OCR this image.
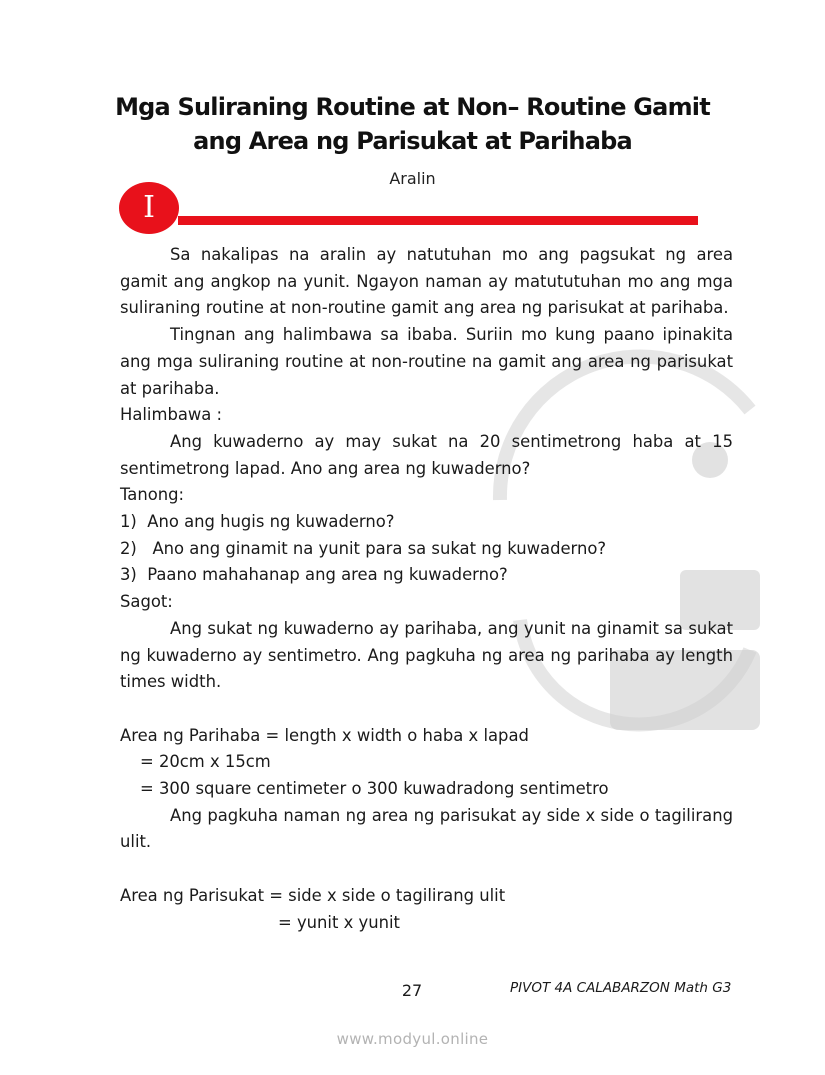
Mga Suliraning Routine at Non– Routine Gamit
ang Area ng Parisukat at Parihaba
Aralin
I

Sa nakalipas na aralin ay natutuhan mo ang pagsukat ng area gamit ang angkop na yunit. Ngayon naman ay matututuhan mo ang mga suliraning routine at non-routine gamit ang area ng parisukat at parihaba.

Tingnan ang halimbawa sa ibaba. Suriin mo kung paano ipinakita ang mga suliraning routine at non-routine na gamit ang area ng parisukat at parihaba.

Halimbawa :

Ang kuwaderno ay may sukat na 20 sentimetrong haba at 15 sentimetrong lapad. Ano ang area ng kuwaderno?

Tanong:

1)  Ano ang hugis ng kuwaderno?

2)   Ano ang ginamit na yunit para sa sukat ng kuwaderno?

3)  Paano mahahanap ang area ng kuwaderno?

Sagot:

Ang sukat ng kuwaderno ay parihaba, ang yunit na ginamit sa sukat ng kuwaderno ay sentimetro. Ang pagkuha ng area ng parihaba ay length times width.

Area ng Parihaba = length x width o haba x lapad

= 20cm x 15cm

= 300 square centimeter o 300 kuwadradong sentimetro

Ang pagkuha naman ng area ng parisukat ay side x side o tagilirang ulit.

Area ng Parisukat = side x side o tagilirang ulit

= yunit x yunit

27	PIVOT 4A CALABARZON Math G3
www.modyul.online
